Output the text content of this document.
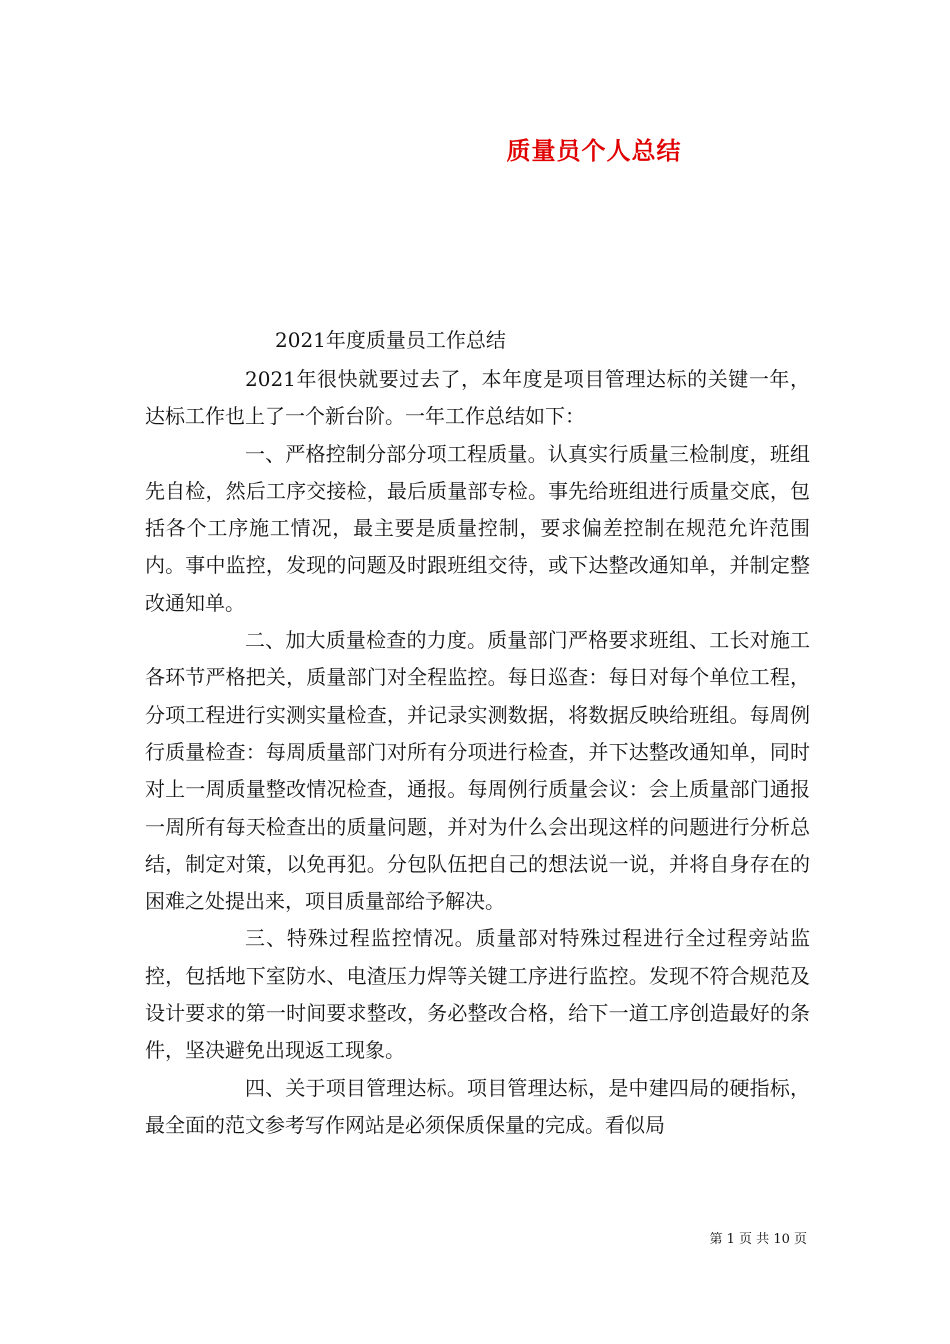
质量员个人总结
2021年度质量员工作总结

2021年很快就要过去了，本年度是项目管理达标的关键一年，达标工作也上了一个新台阶。一年工作总结如下：

一、严格控制分部分项工程质量。认真实行质量三检制度，班组先自检，然后工序交接检，最后质量部专检。事先给班组进行质量交底，包括各个工序施工情况，最主要是质量控制，要求偏差控制在规范允许范围内。事中监控，发现的问题及时跟班组交待，或下达整改通知单，并制定整改通知单。

二、加大质量检查的力度。质量部门严格要求班组、工长对施工各环节严格把关，质量部门对全程监控。每日巡查：每日对每个单位工程，分项工程进行实测实量检查，并记录实测数据，将数据反映给班组。每周例行质量检查：每周质量部门对所有分项进行检查，并下达整改通知单，同时对上一周质量整改情况检查，通报。每周例行质量会议：会上质量部门通报一周所有每天检查出的质量问题，并对为什么会出现这样的问题进行分析总结，制定对策，以免再犯。分包队伍把自己的想法说一说，并将自身存在的困难之处提出来，项目质量部给予解决。

三、特殊过程监控情况。质量部对特殊过程进行全过程旁站监控，包括地下室防水、电渣压力焊等关键工序进行监控。发现不符合规范及设计要求的第一时间要求整改，务必整改合格，给下一道工序创造最好的条件，坚决避免出现返工现象。

四、关于项目管理达标。项目管理达标，是中建四局的硬指标，最全面的范文参考写作网站是必须保质保量的完成。看似局

第 1 页 共 10 页
